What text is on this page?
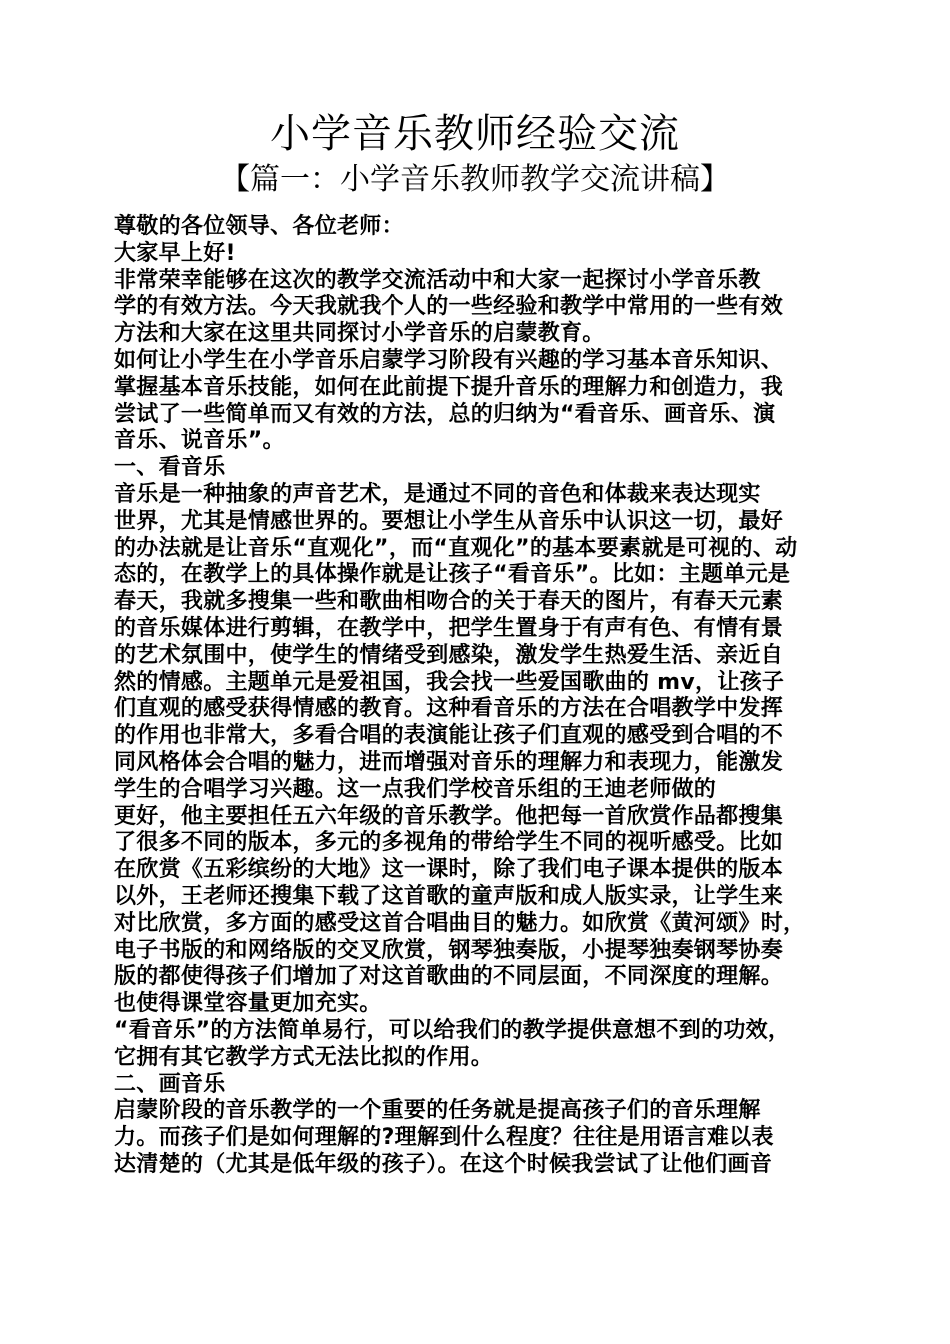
小学音乐教师经验交流
【篇一：小学音乐教师教学交流讲稿】
尊敬的各位领导、各位老师：
大家早上好!
非常荣幸能够在这次的教学交流活动中和大家一起探讨小学音乐教
学的有效方法。今天我就我个人的一些经验和教学中常用的一些有效
方法和大家在这里共同探讨小学音乐的启蒙教育。
如何让小学生在小学音乐启蒙学习阶段有兴趣的学习基本音乐知识、
掌握基本音乐技能，如何在此前提下提升音乐的理解力和创造力，我
尝试了一些简单而又有效的方法，总的归纳为“看音乐、画音乐、演
音乐、说音乐”。
一、看音乐
音乐是一种抽象的声音艺术，是通过不同的音色和体裁来表达现实
世界，尤其是情感世界的。要想让小学生从音乐中认识这一切，最好
的办法就是让音乐“直观化”，而“直观化”的基本要素就是可视的、动
态的，在教学上的具体操作就是让孩子“看音乐”。比如：主题单元是
春天，我就多搜集一些和歌曲相吻合的关于春天的图片，有春天元素
的音乐媒体进行剪辑，在教学中，把学生置身于有声有色、有情有景
的艺术氛围中，使学生的情绪受到感染，激发学生热爱生活、亲近自
然的情感。主题单元是爱祖国，我会找一些爱国歌曲的 mv，让孩子
们直观的感受获得情感的教育。这种看音乐的方法在合唱教学中发挥
的作用也非常大，多看合唱的表演能让孩子们直观的感受到合唱的不
同风格体会合唱的魅力，进而增强对音乐的理解力和表现力，能激发
学生的合唱学习兴趣。这一点我们学校音乐组的王迪老师做的
更好，他主要担任五六年级的音乐教学。他把每一首欣赏作品都搜集
了很多不同的版本，多元的多视角的带给学生不同的视听感受。比如
在欣赏《五彩缤纷的大地》这一课时，除了我们电子课本提供的版本
以外，王老师还搜集下载了这首歌的童声版和成人版实录，让学生来
对比欣赏，多方面的感受这首合唱曲目的魅力。如欣赏《黄河颂》时，
电子书版的和网络版的交叉欣赏，钢琴独奏版，小提琴独奏钢琴协奏
版的都使得孩子们增加了对这首歌曲的不同层面，不同深度的理解。
也使得课堂容量更加充实。
“看音乐”的方法简单易行，可以给我们的教学提供意想不到的功效，
它拥有其它教学方式无法比拟的作用。
二、画音乐
启蒙阶段的音乐教学的一个重要的任务就是提高孩子们的音乐理解
力。而孩子们是如何理解的?理解到什么程度？往往是用语言难以表
达清楚的（尤其是低年级的孩子）。在这个时候我尝试了让他们画音
